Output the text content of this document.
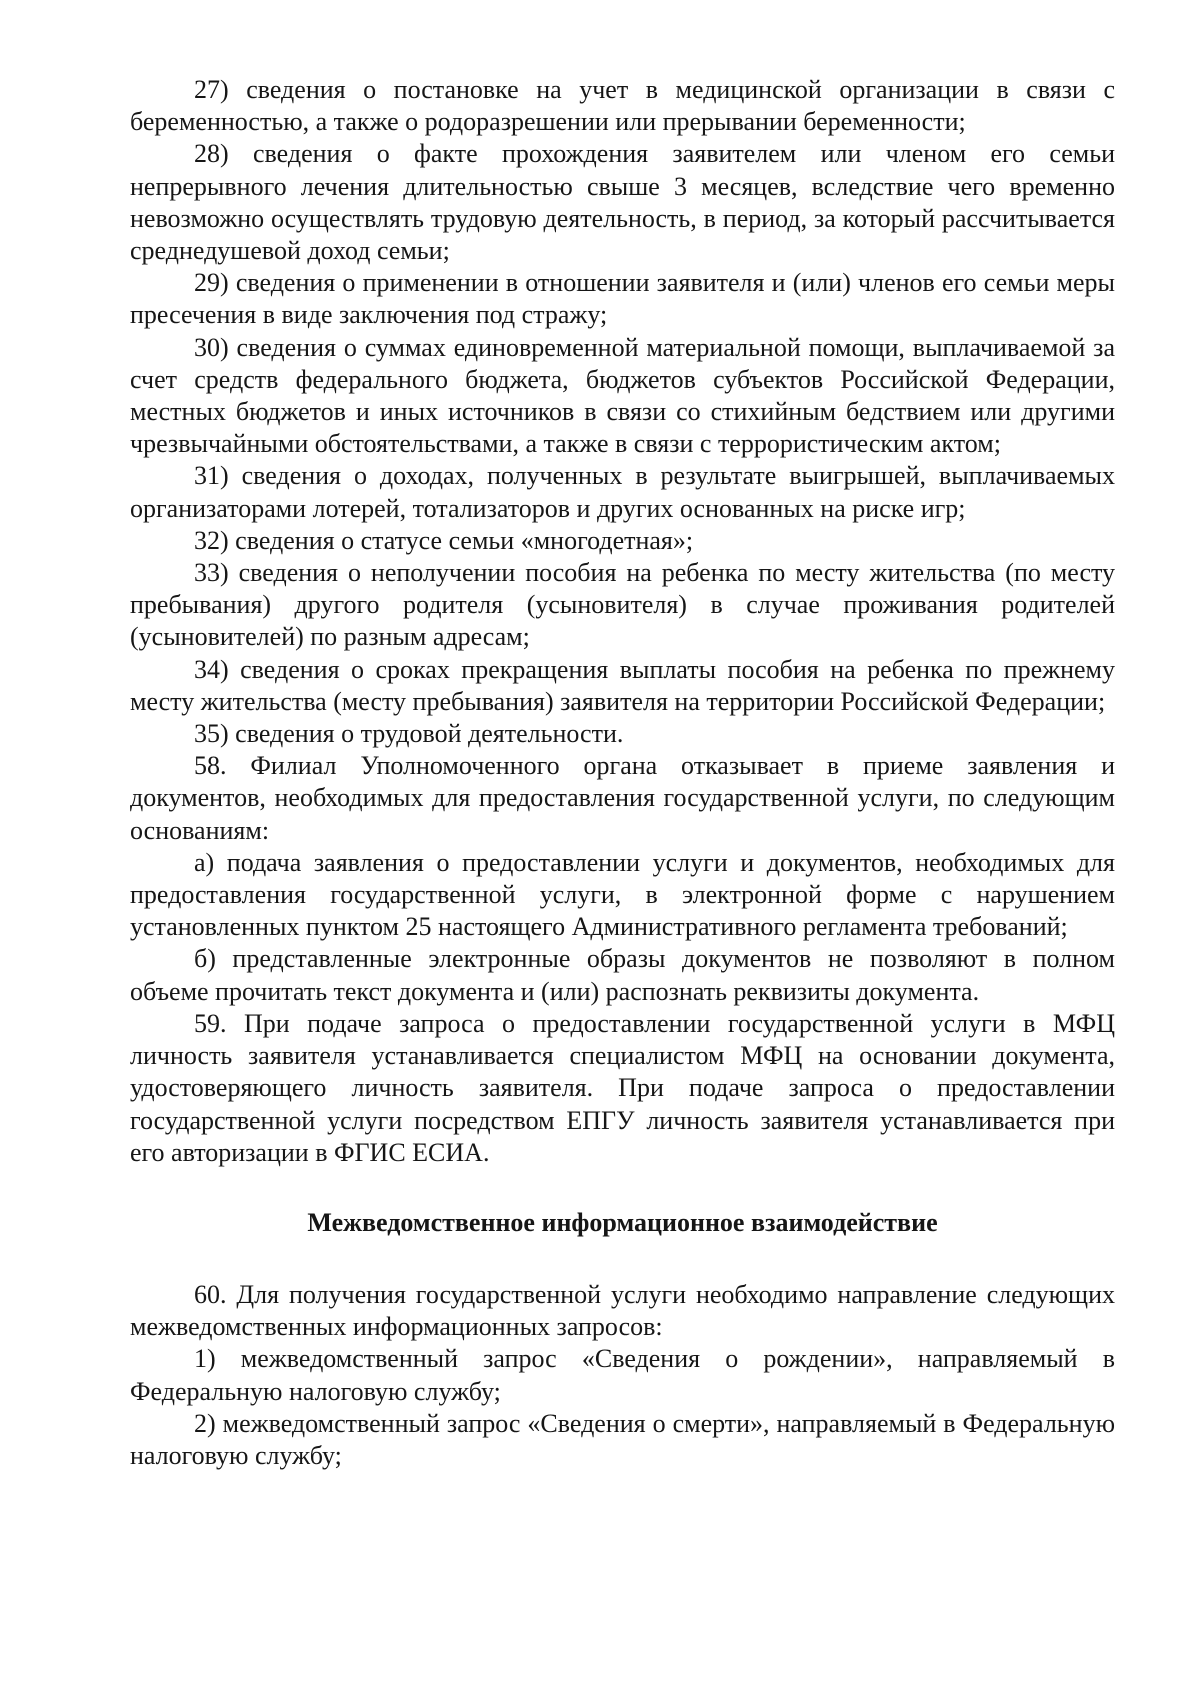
27) сведения о постановке на учет в медицинской организации в связи с беременностью, а также о родоразрешении или прерывании беременности;

28) сведения о факте прохождения заявителем или членом его семьи непрерывного лечения длительностью свыше 3 месяцев, вследствие чего временно невозможно осуществлять трудовую деятельность, в период, за который рассчитывается среднедушевой доход семьи;

29) сведения о применении в отношении заявителя и (или) членов его семьи меры пресечения в виде заключения под стражу;

30) сведения о суммах единовременной материальной помощи, выплачиваемой за счет средств федерального бюджета, бюджетов субъектов Российской Федерации, местных бюджетов и иных источников в связи со стихийным бедствием или другими чрезвычайными обстоятельствами, а также в связи с террористическим актом;

31) сведения о доходах, полученных в результате выигрышей, выплачиваемых организаторами лотерей, тотализаторов и других основанных на риске игр;

32) сведения о статусе семьи «многодетная»;

33) сведения о неполучении пособия на ребенка по месту жительства (по месту пребывания) другого родителя (усыновителя) в случае проживания родителей (усыновителей) по разным адресам;

34) сведения о сроках прекращения выплаты пособия на ребенка по прежнему месту жительства (месту пребывания) заявителя на территории Российской Федерации;

35) сведения о трудовой деятельности.

58. Филиал Уполномоченного органа отказывает в приеме заявления и документов, необходимых для предоставления государственной услуги, по следующим основаниям:

а) подача заявления о предоставлении услуги и документов, необходимых для предоставления государственной услуги, в электронной форме с нарушением установленных пунктом 25 настоящего Административного регламента требований;

б) представленные электронные образы документов не позволяют в полном объеме прочитать текст документа и (или) распознать реквизиты документа.

59. При подаче запроса о предоставлении государственной услуги в МФЦ личность заявителя устанавливается специалистом МФЦ на основании документа, удостоверяющего личность заявителя. При подаче запроса о предоставлении государственной услуги посредством ЕПГУ личность заявителя устанавливается при его авторизации в ФГИС ЕСИА.

Межведомственное информационное взаимодействие

60. Для получения государственной услуги необходимо направление следующих межведомственных информационных запросов:

1) межведомственный запрос «Сведения о рождении», направляемый в Федеральную налоговую службу;

2) межведомственный запрос «Сведения о смерти», направляемый в Федеральную налоговую службу;
